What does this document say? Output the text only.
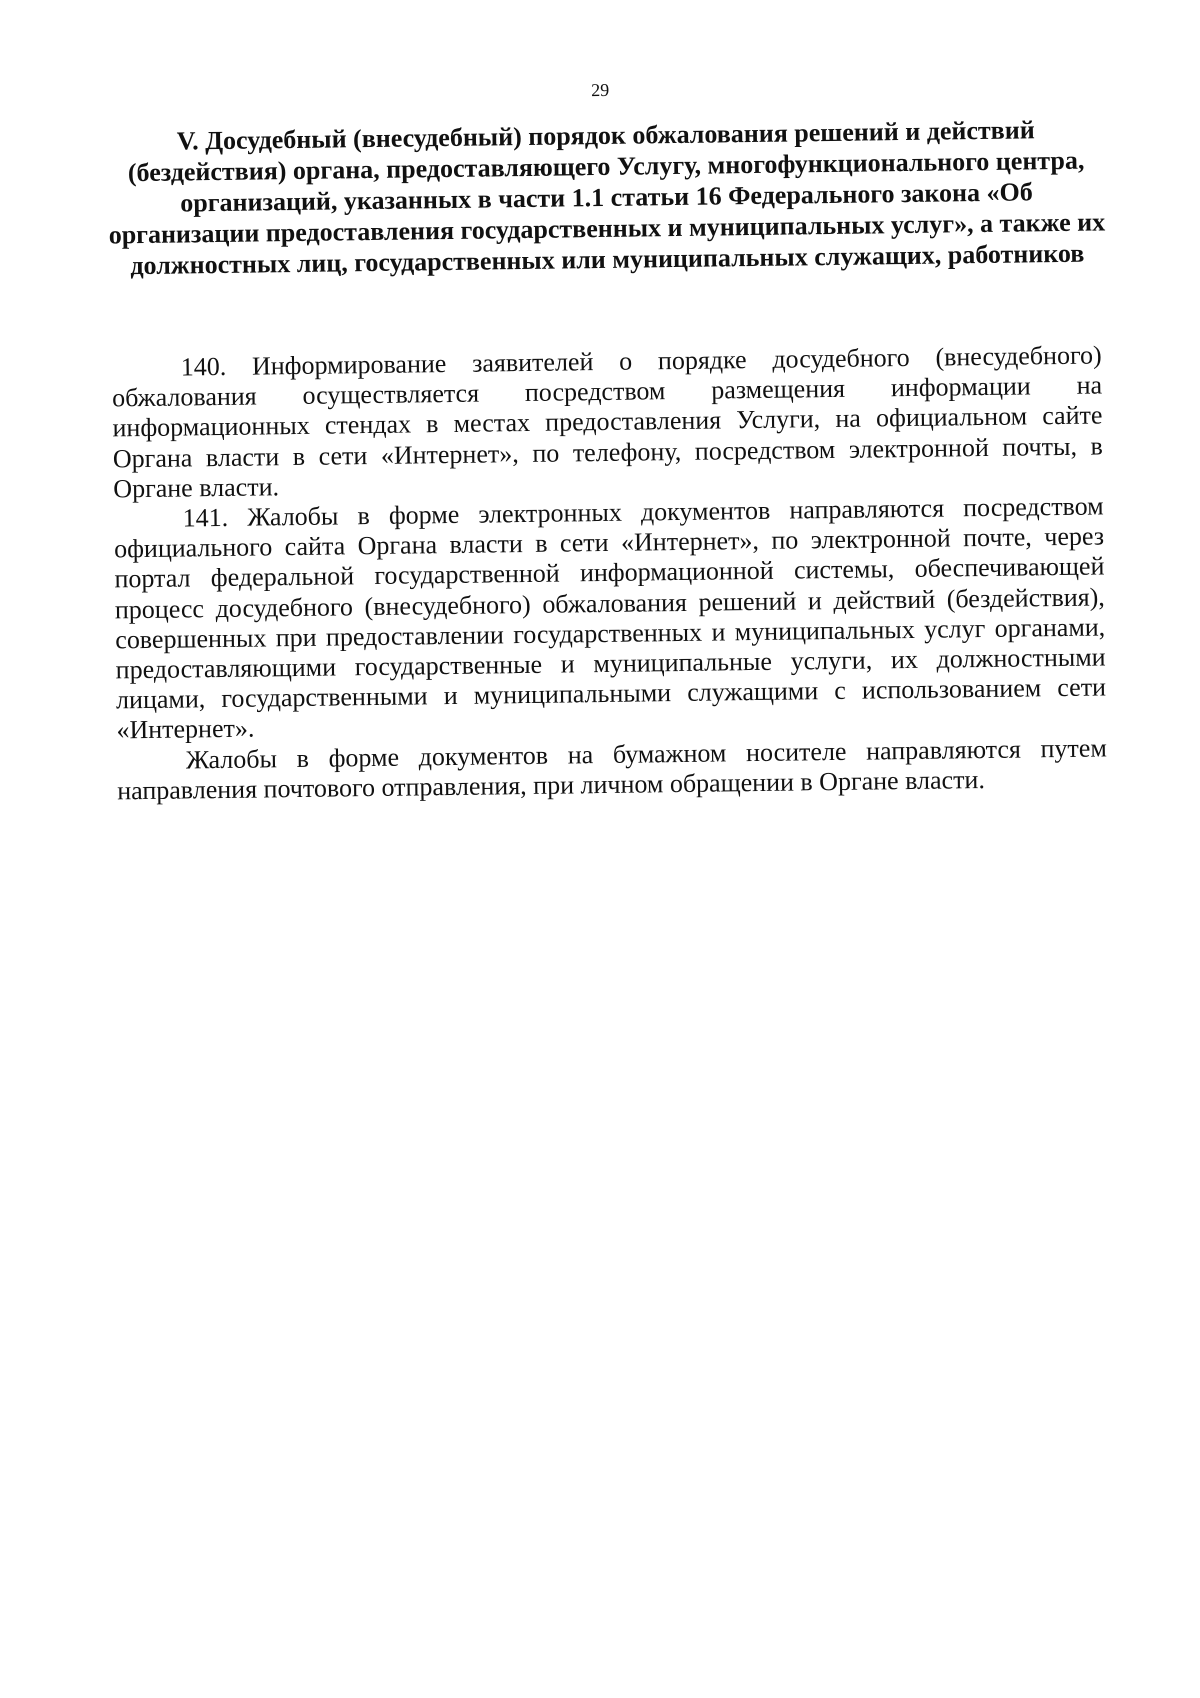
29
V. Досудебный (внесудебный) порядок обжалования решений и действий (бездействия) органа, предоставляющего Услугу, многофункционального центра, организаций, указанных в части 1.1 статьи 16 Федерального закона «Об организации предоставления государственных и муниципальных услуг», а также их должностных лиц, государственных или муниципальных служащих, работников

140. Информирование заявителей о порядке досудебного (внесудебного) обжалования осуществляется посредством размещения информации на информационных стендах в местах предоставления Услуги, на официальном сайте Органа власти в сети «Интернет», по телефону, посредством электронной почты, в Органе власти.

141. Жалобы в форме электронных документов направляются посредством официального сайта Органа власти в сети «Интернет», по электронной почте, через портал федеральной государственной информационной системы, обеспечивающей процесс досудебного (внесудебного) обжалования решений и действий (бездействия), совершенных при предоставлении государственных и муниципальных услуг органами, предоставляющими государственные и муниципальные услуги, их должностными лицами, государственными и муниципальными служащими с использованием сети «Интернет».

Жалобы в форме документов на бумажном носителе направляются путем направления почтового отправления, при личном обращении в Органе власти.
